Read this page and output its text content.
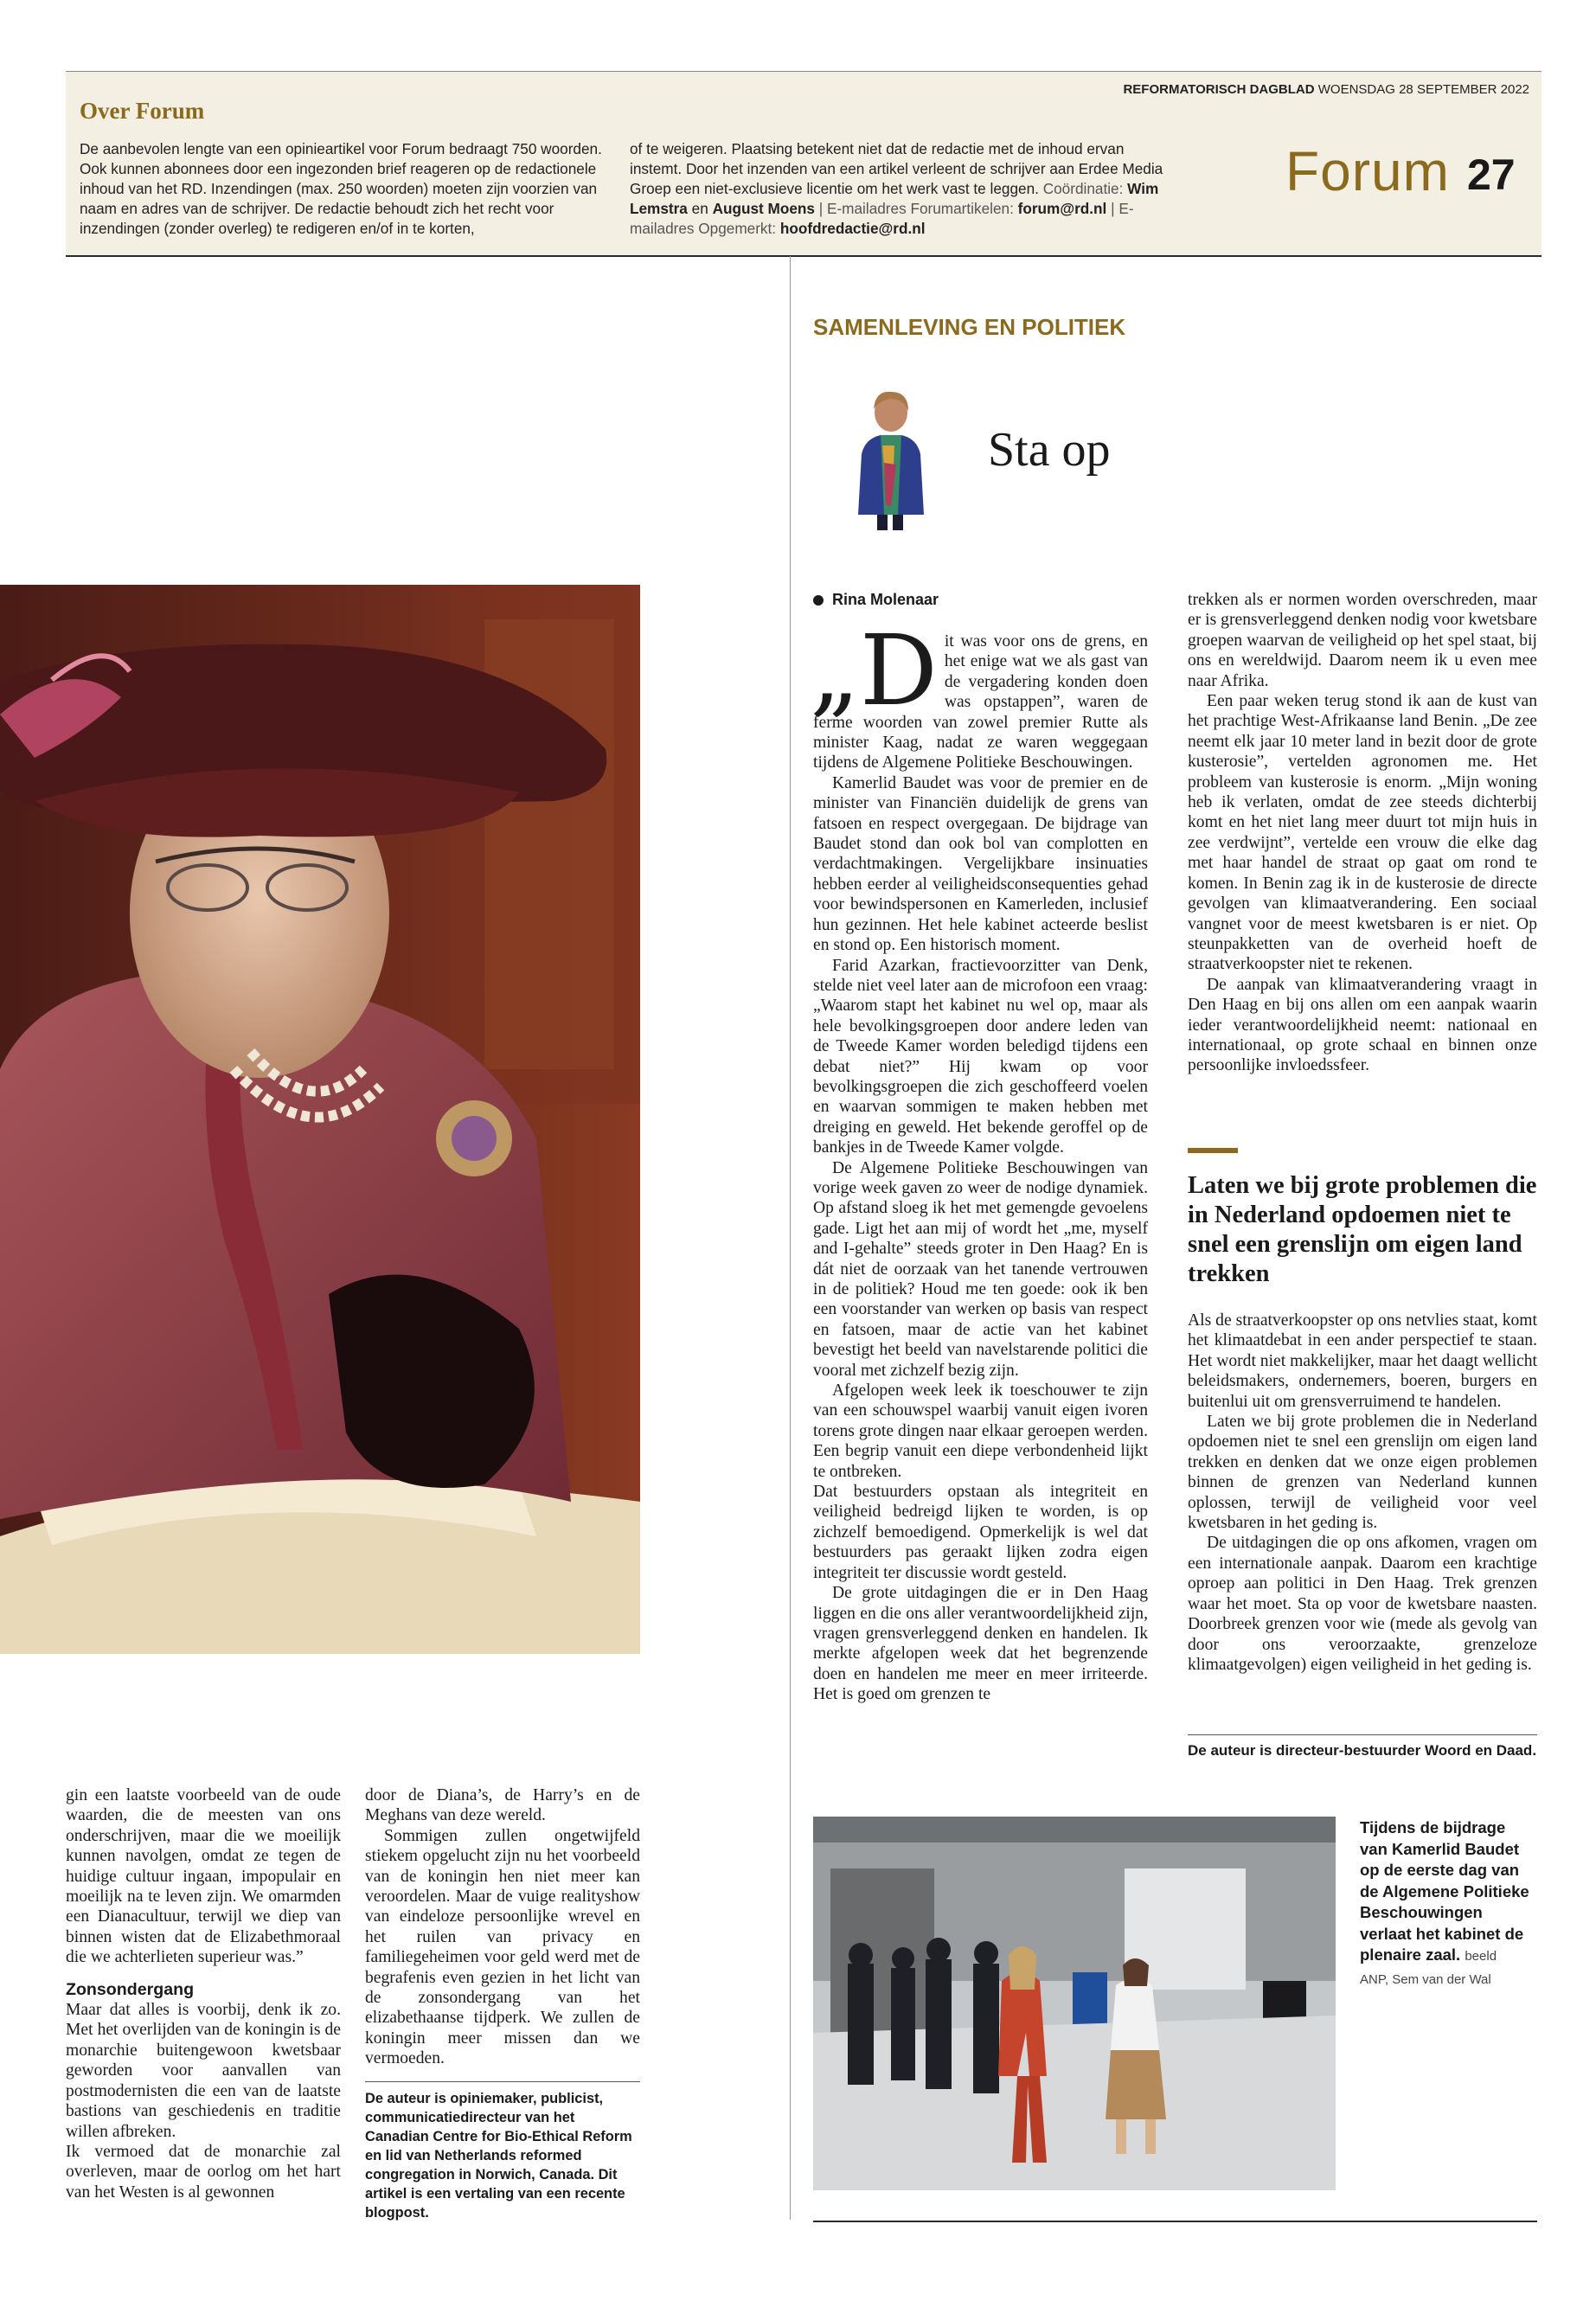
Over Forum
De aanbevolen lengte van een opinieartikel voor Forum bedraagt 750 woorden. Ook kunnen abonnees door een ingezonden brief reageren op de redactionele inhoud van het RD. Inzendingen (max. 250 woorden) moeten zijn voorzien van naam en adres van de schrijver. De redactie behoudt zich het recht voor inzendingen (zonder overleg) te redigeren en/of in te korten,
of te weigeren. Plaatsing betekent niet dat de redactie met de inhoud ervan instemt. Door het inzenden van een artikel verleent de schrijver aan Erdee Media Groep een niet-exclusieve licentie om het werk vast te leggen. Coördinatie: Wim Lemstra en August Moens | E-mailadres Forumartikelen: forum@rd.nl | E-mailadres Opgemerkt: hoofdredactie@rd.nl
REFORMATORISCH DAGBLAD WOENSDAG 28 SEPTEMBER 2022
Forum 27
SAMENLEVING EN POLITIEK
Sta op
Rina Molenaar

„D it was voor ons de grens, en het enige wat we als gast van de vergadering konden doen was opstappen”, waren de ferme woorden van zowel premier Rutte als minister Kaag, nadat ze waren weggegaan tijdens de Algemene Politieke Beschouwingen.

Kamerlid Baudet was voor de premier en de minister van Financiën duidelijk de grens van fatsoen en respect overgegaan. De bijdrage van Baudet stond dan ook bol van complotten en verdachtmakingen. Vergelijkbare insinuaties hebben eerder al veiligheidsconsequenties gehad voor bewindspersonen en Kamerleden, inclusief hun gezinnen. Het hele kabinet acteerde beslist en stond op. Een historisch moment.

Farid Azarkan, fractievoorzitter van Denk, stelde niet veel later aan de microfoon een vraag: „Waarom stapt het kabinet nu wel op, maar als hele bevolkingsgroepen door andere leden van de Tweede Kamer worden beledigd tijdens een debat niet?” Hij kwam op voor bevolkingsgroepen die zich geschoffeerd voelen en waarvan sommigen te maken hebben met dreiging en geweld. Het bekende geroffel op de bankjes in de Tweede Kamer volgde.

De Algemene Politieke Beschouwingen van vorige week gaven zo weer de nodige dynamiek. Op afstand sloeg ik het met gemengde gevoelens gade. Ligt het aan mij of wordt het „me, myself and I-gehalte” steeds groter in Den Haag? En is dát niet de oorzaak van het tanende vertrouwen in de politiek? Houd me ten goede: ook ik ben een voorstander van werken op basis van respect en fatsoen, maar de actie van het kabinet bevestigt het beeld van navelstarende politici die vooral met zichzelf bezig zijn.

Afgelopen week leek ik toeschouwer te zijn van een schouwspel waarbij vanuit eigen ivoren torens grote dingen naar elkaar geroepen werden. Een begrip vanuit een diepe verbondenheid lijkt te ontbreken.

Dat bestuurders opstaan als integriteit en veiligheid bedreigd lijken te worden, is op zichzelf bemoedigend. Opmerkelijk is wel dat bestuurders pas geraakt lijken zodra eigen integriteit ter discussie wordt gesteld.

De grote uitdagingen die er in Den Haag liggen en die ons aller verantwoordelijkheid zijn, vragen grensverleggend denken en handelen. Ik merkte afgelopen week dat het begrenzende doen en handelen me meer en meer irriteerde. Het is goed om grenzen te

trekken als er normen worden overschreden, maar er is grensverleggend denken nodig voor kwetsbare groepen waarvan de veiligheid op het spel staat, bij ons en wereldwijd. Daarom neem ik u even mee naar Afrika.

Een paar weken terug stond ik aan de kust van het prachtige West-Afrikaanse land Benin. „De zee neemt elk jaar 10 meter land in bezit door de grote kusterosie”, vertelden agronomen me. Het probleem van kusterosie is enorm. „Mijn woning heb ik verlaten, omdat de zee steeds dichterbij komt en het niet lang meer duurt tot mijn huis in zee verdwijnt”, vertelde een vrouw die elke dag met haar handel de straat op gaat om rond te komen. In Benin zag ik in de kusterosie de directe gevolgen van klimaatverandering. Een sociaal vangnet voor de meest kwetsbaren is er niet. Op steunpakketten van de overheid hoeft de straatverkoopster niet te rekenen.

De aanpak van klimaatverandering vraagt in Den Haag en bij ons allen om een aanpak waarin ieder verantwoordelijkheid neemt: nationaal en internationaal, op grote schaal en binnen onze persoonlijke invloedssfeer.

Laten we bij grote problemen die in Nederland opdoemen niet te snel een grenslijn om eigen land trekken

Als de straatverkoopster op ons netvlies staat, komt het klimaatdebat in een ander perspectief te staan. Het wordt niet makkelijker, maar het daagt wellicht beleidsmakers, ondernemers, boeren, burgers en buitenlui uit om grensverruimend te handelen.

Laten we bij grote problemen die in Nederland opdoemen niet te snel een grenslijn om eigen land trekken en denken dat we onze eigen problemen binnen de grenzen van Nederland kunnen oplossen, terwijl de veiligheid voor veel kwetsbaren in het geding is.

De uitdagingen die op ons afkomen, vragen om een internationale aanpak. Daarom een krachtige oproep aan politici in Den Haag. Trek grenzen waar het moet. Sta op voor de kwetsbare naasten. Doorbreek grenzen voor wie (mede als gevolg van door ons veroorzaakte, grenzeloze klimaatgevolgen) eigen veiligheid in het geding is.

De auteur is directeur-bestuurder Woord en Daad.

gin een laatste voorbeeld van de oude waarden, die de meesten van ons onderschrijven, maar die we moeilijk kunnen navolgen, omdat ze tegen de huidige cultuur ingaan, impopulair en moeilijk na te leven zijn. We omarmden een Dianacultuur, terwijl we diep van binnen wisten dat de Elizabethmoraal die we achterlieten superieur was.”

Zonsondergang

Maar dat alles is voorbij, denk ik zo. Met het overlijden van de koningin is de monarchie buitengewoon kwetsbaar geworden voor aanvallen van postmodernisten die een van de laatste bastions van geschiedenis en traditie willen afbreken.

Ik vermoed dat de monarchie zal overleven, maar de oorlog om het hart van het Westen is al gewonnen

door de Diana’s, de Harry’s en de Meghans van deze wereld.

Sommigen zullen ongetwijfeld stiekem opgelucht zijn nu het voorbeeld van de koningin hen niet meer kan veroordelen. Maar de vuige realityshow van eindeloze persoonlijke wrevel en het ruilen van privacy en familiegeheimen voor geld werd met de begrafenis even gezien in het licht van de zonsondergang van het elizabethaanse tijdperk. We zullen de koningin meer missen dan we vermoeden.

De auteur is opiniemaker, publicist, communicatiedirecteur van het Canadian Centre for Bio-Ethical Reform en lid van Netherlands reformed congregation in Norwich, Canada. Dit artikel is een vertaling van een recente blogpost.
Tijdens de bijdrage van Kamerlid Baudet op de eerste dag van de Algemene Politieke Beschouwingen verlaat het kabinet de plenaire zaal. beeld
ANP, Sem van der Wal
